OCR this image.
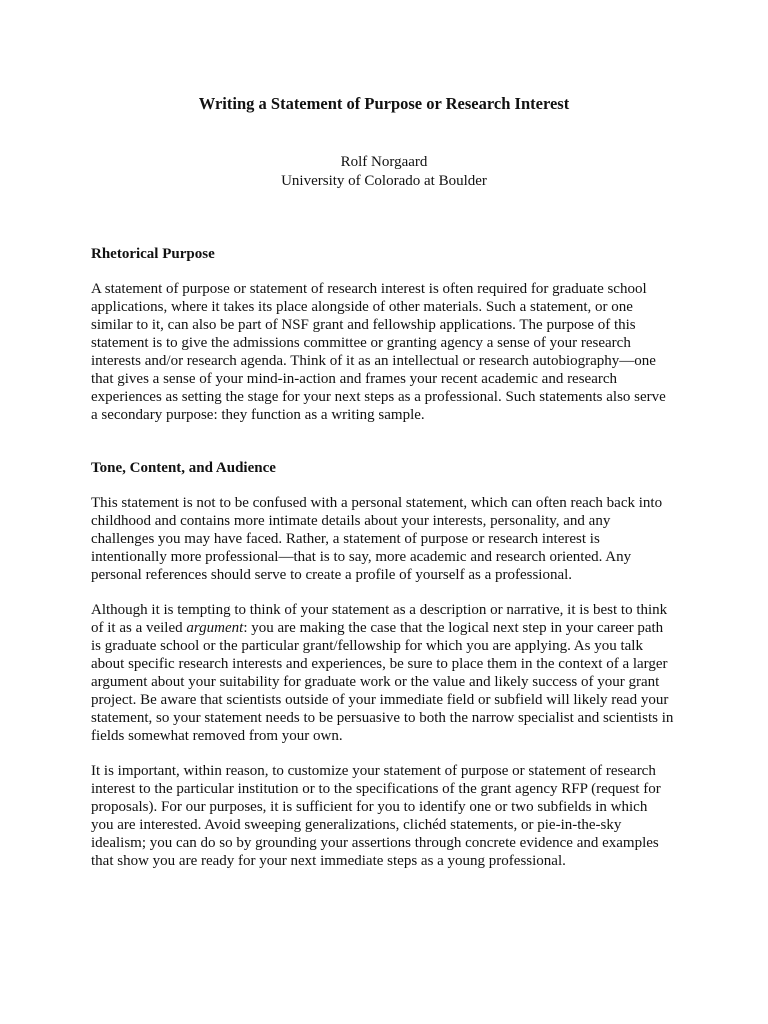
Writing a Statement of Purpose or Research Interest
Rolf Norgaard
University of Colorado at Boulder
Rhetorical Purpose
A statement of purpose or statement of research interest is often required for graduate school
applications, where it takes its place alongside of other materials. Such a statement, or one
similar to it, can also be part of NSF grant and fellowship applications. The purpose of this
statement is to give the admissions committee or granting agency a sense of your research
interests and/or research agenda. Think of it as an intellectual or research autobiography—one
that gives a sense of your mind-in-action and frames your recent academic and research
experiences as setting the stage for your next steps as a professional. Such statements also serve
a secondary purpose: they function as a writing sample.
Tone, Content, and Audience
This statement is not to be confused with a personal statement, which can often reach back into
childhood and contains more intimate details about your interests, personality, and any
challenges you may have faced. Rather, a statement of purpose or research interest is
intentionally more professional—that is to say, more academic and research oriented. Any
personal references should serve to create a profile of yourself as a professional.
Although it is tempting to think of your statement as a description or narrative, it is best to think
of it as a veiled argument: you are making the case that the logical next step in your career path
is graduate school or the particular grant/fellowship for which you are applying. As you talk
about specific research interests and experiences, be sure to place them in the context of a larger
argument about your suitability for graduate work or the value and likely success of your grant
project. Be aware that scientists outside of your immediate field or subfield will likely read your
statement, so your statement needs to be persuasive to both the narrow specialist and scientists in
fields somewhat removed from your own.
It is important, within reason, to customize your statement of purpose or statement of research
interest to the particular institution or to the specifications of the grant agency RFP (request for
proposals). For our purposes, it is sufficient for you to identify one or two subfields in which
you are interested. Avoid sweeping generalizations, clichéd statements, or pie-in-the-sky
idealism; you can do so by grounding your assertions through concrete evidence and examples
that show you are ready for your next immediate steps as a young professional.
